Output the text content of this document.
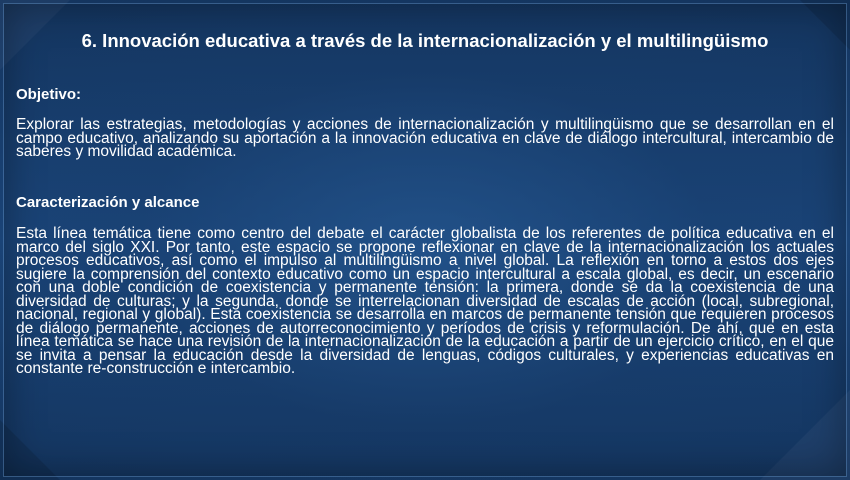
6. Innovación educativa a través de la internacionalización y el multilingüismo
Objetivo:

Explorar las estrategias, metodologías y acciones de internacionalización y multilingüismo que se desarrollan en el campo educativo, analizando su aportación a la innovación educativa en clave de diálogo intercultural, intercambio de saberes y movilidad académica.

Caracterización y alcance

Esta línea temática tiene como centro del debate el carácter globalista de los referentes de política educativa en el marco del siglo XXI. Por tanto, este espacio se propone reflexionar en clave de la internacionalización los actuales procesos educativos, así como el impulso al multilingüismo a nivel global. La reflexión en torno a estos dos ejes sugiere la comprensión del contexto educativo como un espacio intercultural a escala global, es decir, un escenario con una doble condición de coexistencia y permanente tensión: la primera, donde se da la coexistencia de una diversidad de culturas; y la segunda, donde se interrelacionan diversidad de escalas de acción (local, subregional, nacional, regional y global). Esta coexistencia se desarrolla en marcos de permanente tensión que requieren procesos de diálogo permanente, acciones de autorreconocimiento y períodos de crisis y reformulación. De ahí, que en esta línea temática se hace una revisión de la internacionalización de la educación a partir de un ejercicio crítico, en el que se invita a pensar la educación desde la diversidad de lenguas, códigos culturales, y experiencias educativas en constante re-construcción e intercambio.
